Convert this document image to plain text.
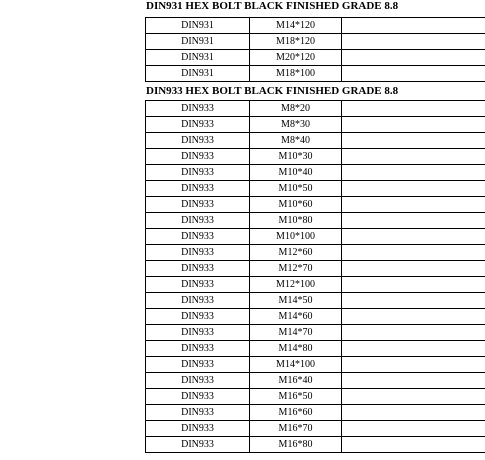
DIN931 HEX BOLT BLACK FINISHED GRADE 8.8
DIN931	M14*120	
DIN931	M18*120	
DIN931	M20*120	
DIN931	M18*100	
DIN933 HEX BOLT BLACK FINISHED GRADE 8.8
DIN933	M8*20	
DIN933	M8*30	
DIN933	M8*40	
DIN933	M10*30	
DIN933	M10*40	
DIN933	M10*50	
DIN933	M10*60	
DIN933	M10*80	
DIN933	M10*100	
DIN933	M12*60	
DIN933	M12*70	
DIN933	M12*100	
DIN933	M14*50	
DIN933	M14*60	
DIN933	M14*70	
DIN933	M14*80	
DIN933	M14*100	
DIN933	M16*40	
DIN933	M16*50	
DIN933	M16*60	
DIN933	M16*70	
DIN933	M16*80	
